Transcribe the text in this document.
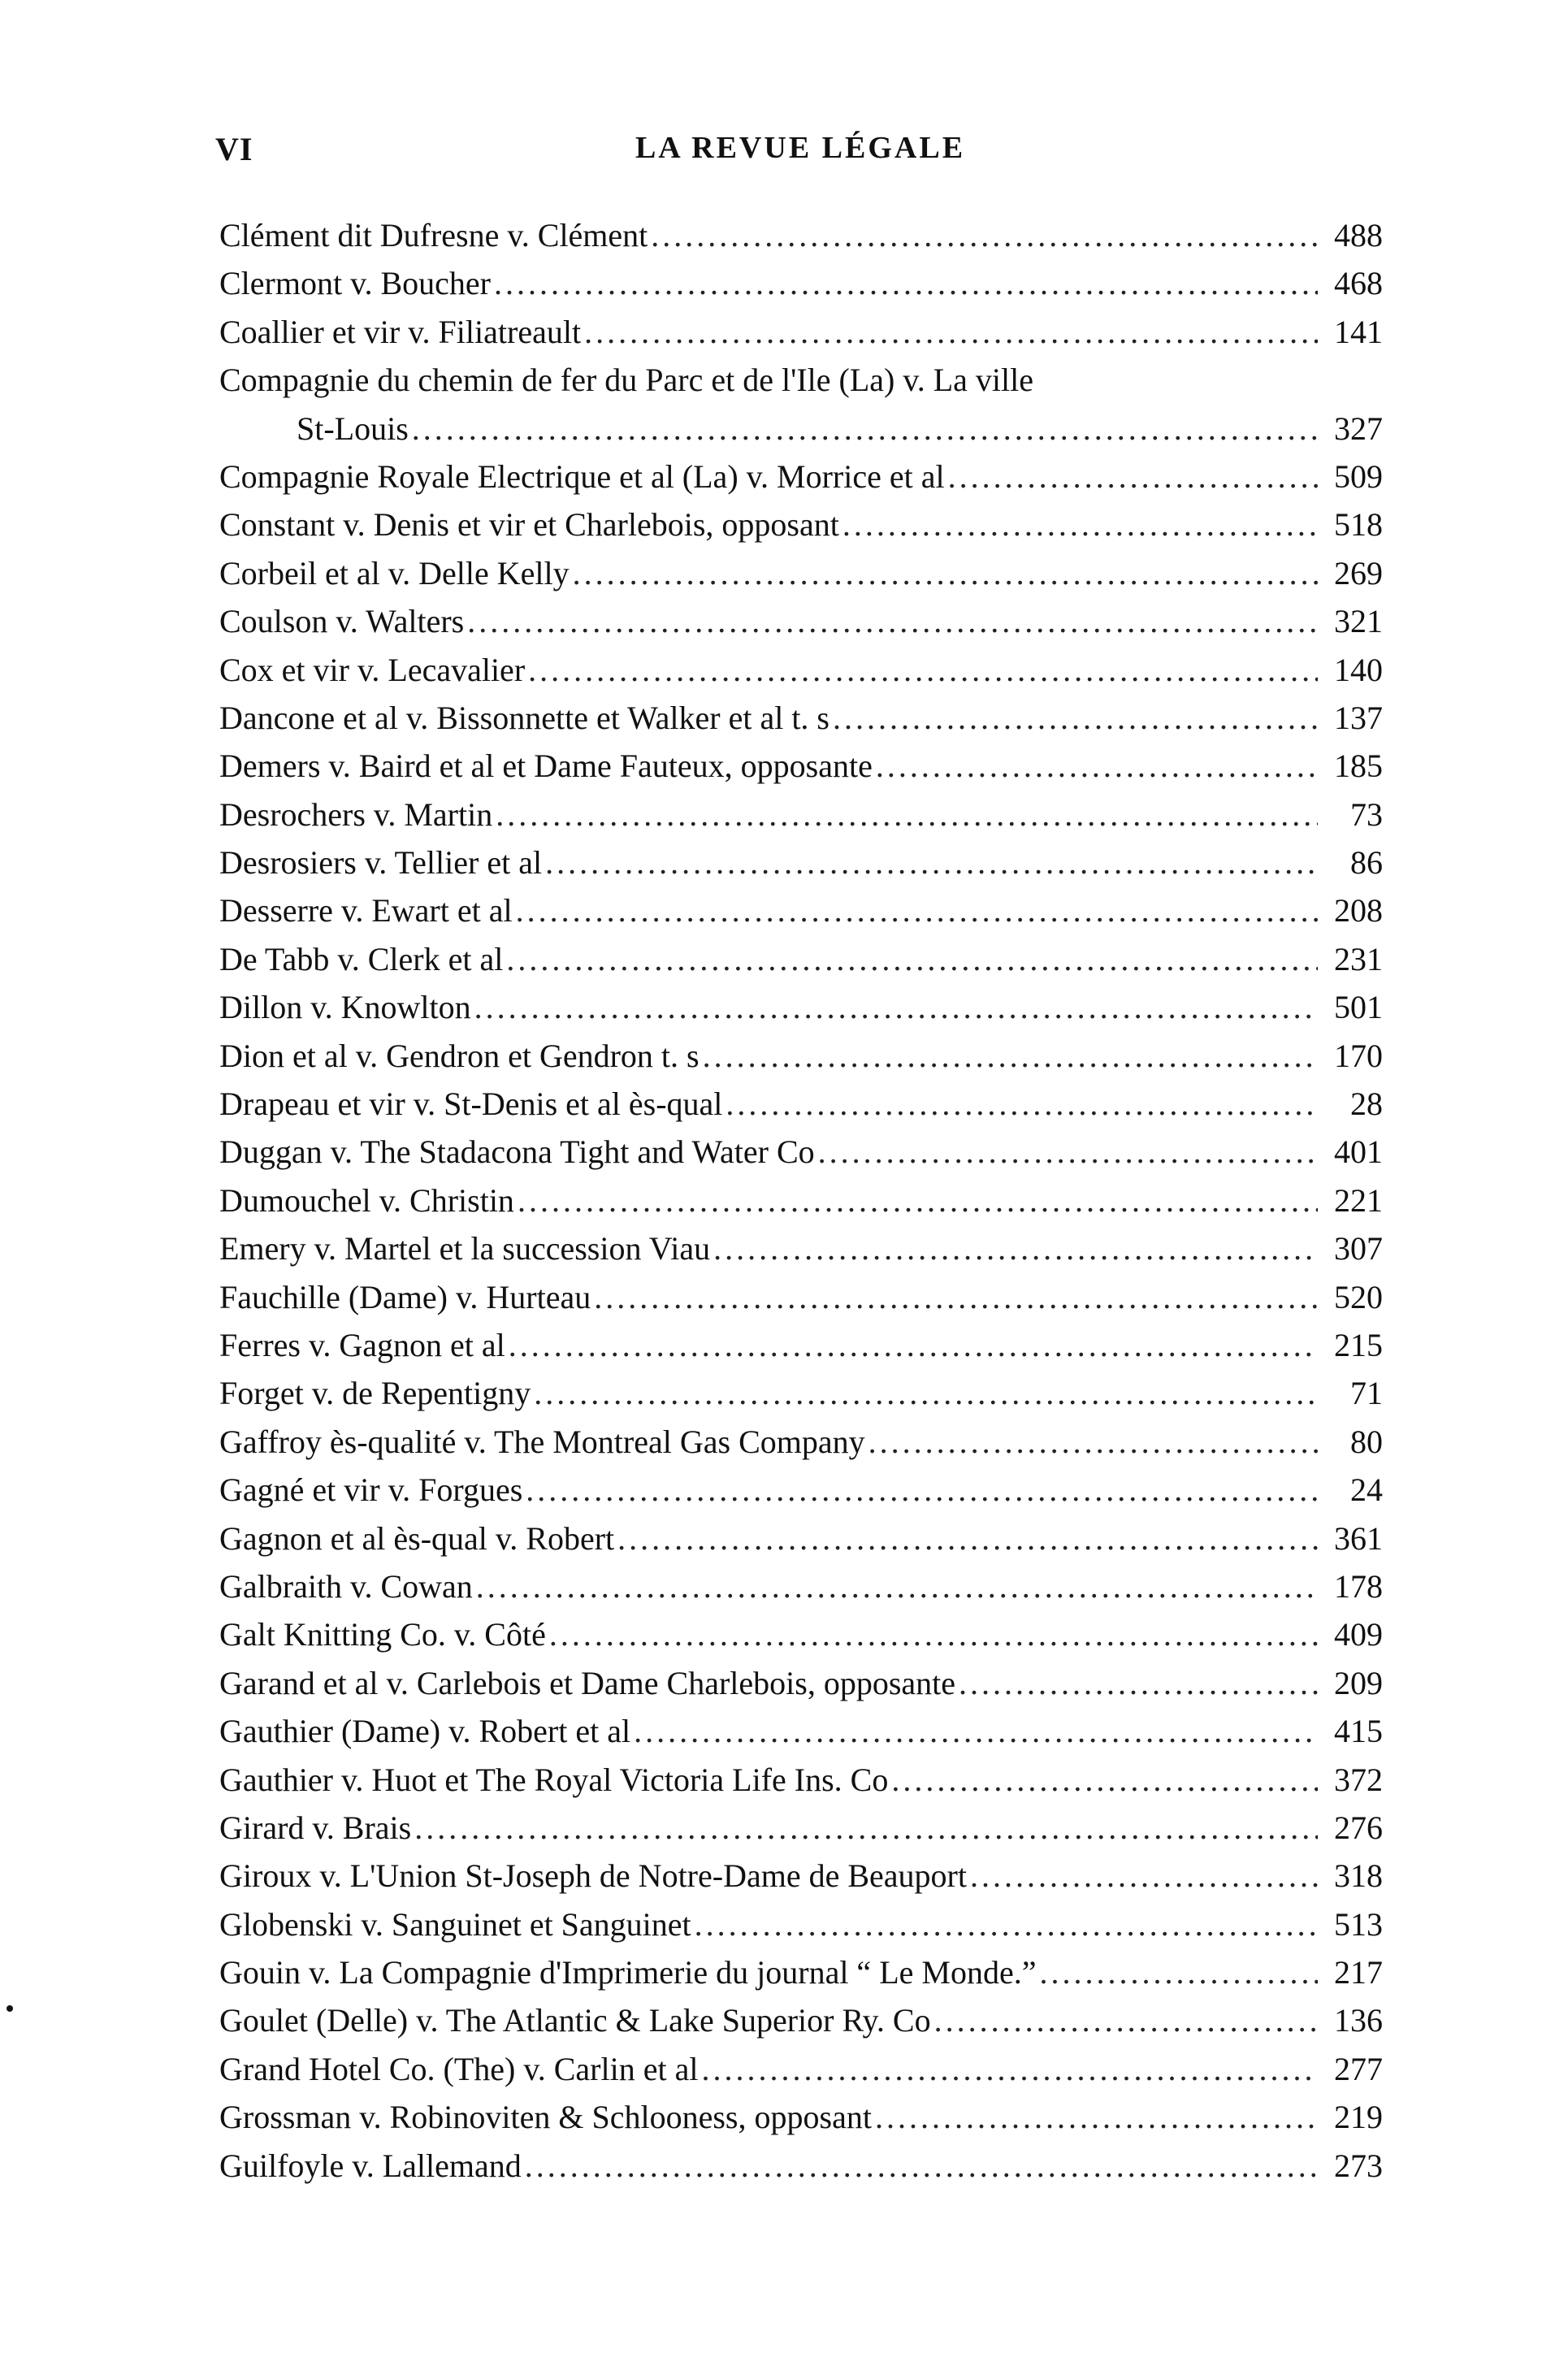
VI	LA REVUE LÉGALE
Clément dit Dufresne v. Clément .....	488
Clermont v. Boucher .....	468
Coallier et vir v. Filiatreault .....	141
Compagnie du chemin de fer du Parc et de l'Ile (La) v. La ville
St-Louis .....	327
Compagnie Royale Electrique et al (La) v. Morrice et al .....	509
Constant v. Denis et vir et Charlebois, opposant .....	518
Corbeil et al v. Delle Kelly .....	269
Coulson v. Walters .....	321
Cox et vir v. Lecavalier .....	140
Dancone et al v. Bissonnette et Walker et al t. s .....	137
Demers v. Baird et al et Dame Fauteux, opposante .....	185
Desrochers v. Martin .....	73
Desrosiers v. Tellier et al .....	86
Desserre v. Ewart et al .....	208
De Tabb v. Clerk et al .....	231
Dillon v. Knowlton .....	501
Dion et al v. Gendron et Gendron t. s .....	170
Drapeau et vir v. St-Denis et al ès-qual .....	28
Duggan v. The Stadacona Tight and Water Co .....	401
Dumouchel v. Christin .....	221
Emery v. Martel et la succession Viau .....	307
Fauchille (Dame) v. Hurteau .....	520
Ferres v. Gagnon et al .....	215
Forget v. de Repentigny .....	71
Gaffroy ès-qualité v. The Montreal Gas Company .....	80
Gagné et vir v. Forgues .....	24
Gagnon et al ès-qual v. Robert .....	361
Galbraith v. Cowan .....	178
Galt Knitting Co. v. Côté .....	409
Garand et al v. Carlebois et Dame Charlebois, opposante .....	209
Gauthier (Dame) v. Robert et al .....	415
Gauthier v. Huot et The Royal Victoria Life Ins. Co .....	372
Girard v. Brais .....	276
Giroux v. L'Union St-Joseph de Notre-Dame de Beauport .....	318
Globenski v. Sanguinet et Sanguinet .....	513
Gouin v. La Compagnie d'Imprimerie du journal “ Le Monde.” .....	217
Goulet (Delle) v. The Atlantic & Lake Superior Ry. Co .....	136
Grand Hotel Co. (The) v. Carlin et al .....	277
Grossman v. Robinoviten & Schlooness, opposant .....	219
Guilfoyle v. Lallemand .....	273
